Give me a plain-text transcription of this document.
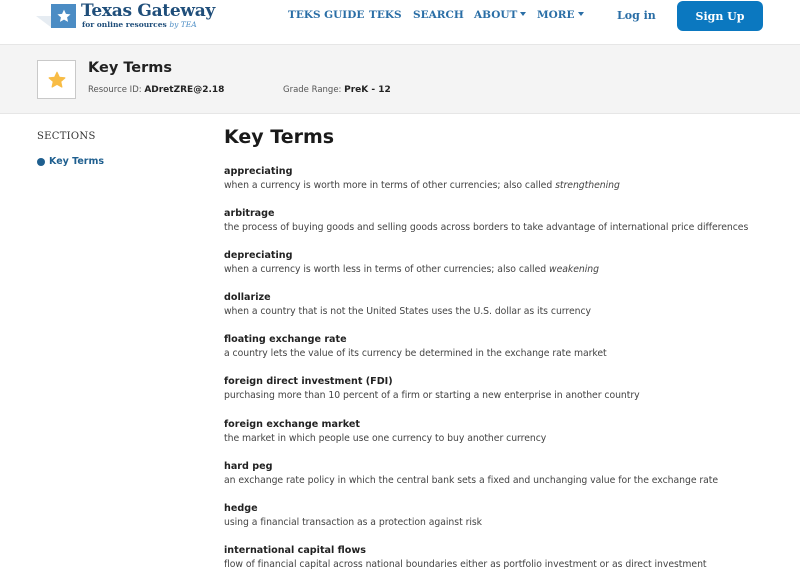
Texas Gateway
for online resources by TEA
TEKS GUIDE TEKS SEARCH ABOUT	MORE	Log in	Sign Up
Key Terms
Resource ID: ADretZRE@2.18	Grade Range: PreK - 12
SECTIONS
Key Terms
Key Terms
appreciating
when a currency is worth more in terms of other currencies; also called strengthening
arbitrage
the process of buying goods and selling goods across borders to take advantage of international price differences
depreciating
when a currency is worth less in terms of other currencies; also called weakening
dollarize
when a country that is not the United States uses the U.S. dollar as its currency
floating exchange rate
a country lets the value of its currency be determined in the exchange rate market
foreign direct investment (FDI)
purchasing more than 10 percent of a firm or starting a new enterprise in another country
foreign exchange market
the market in which people use one currency to buy another currency
hard peg
an exchange rate policy in which the central bank sets a fixed and unchanging value for the exchange rate
hedge
using a financial transaction as a protection against risk
international capital flows
flow of financial capital across national boundaries either as portfolio investment or as direct investment
